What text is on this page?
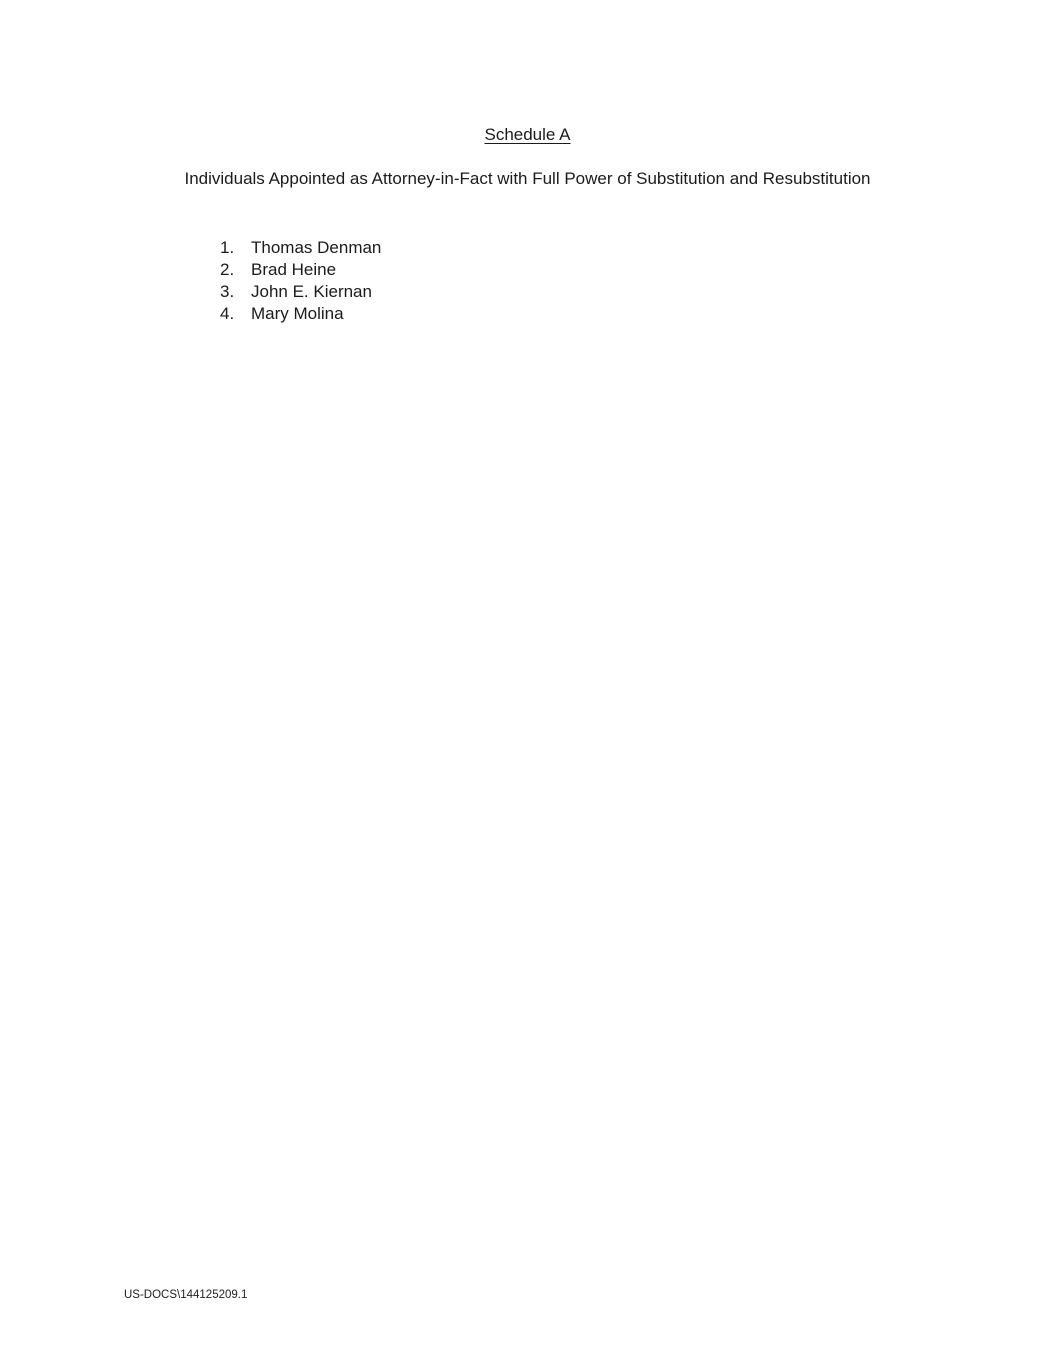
Schedule A
Individuals Appointed as Attorney-in-Fact with Full Power of Substitution and Resubstitution
1. Thomas Denman
2. Brad Heine
3. John E. Kiernan
4. Mary Molina
US-DOCS\144125209.1
